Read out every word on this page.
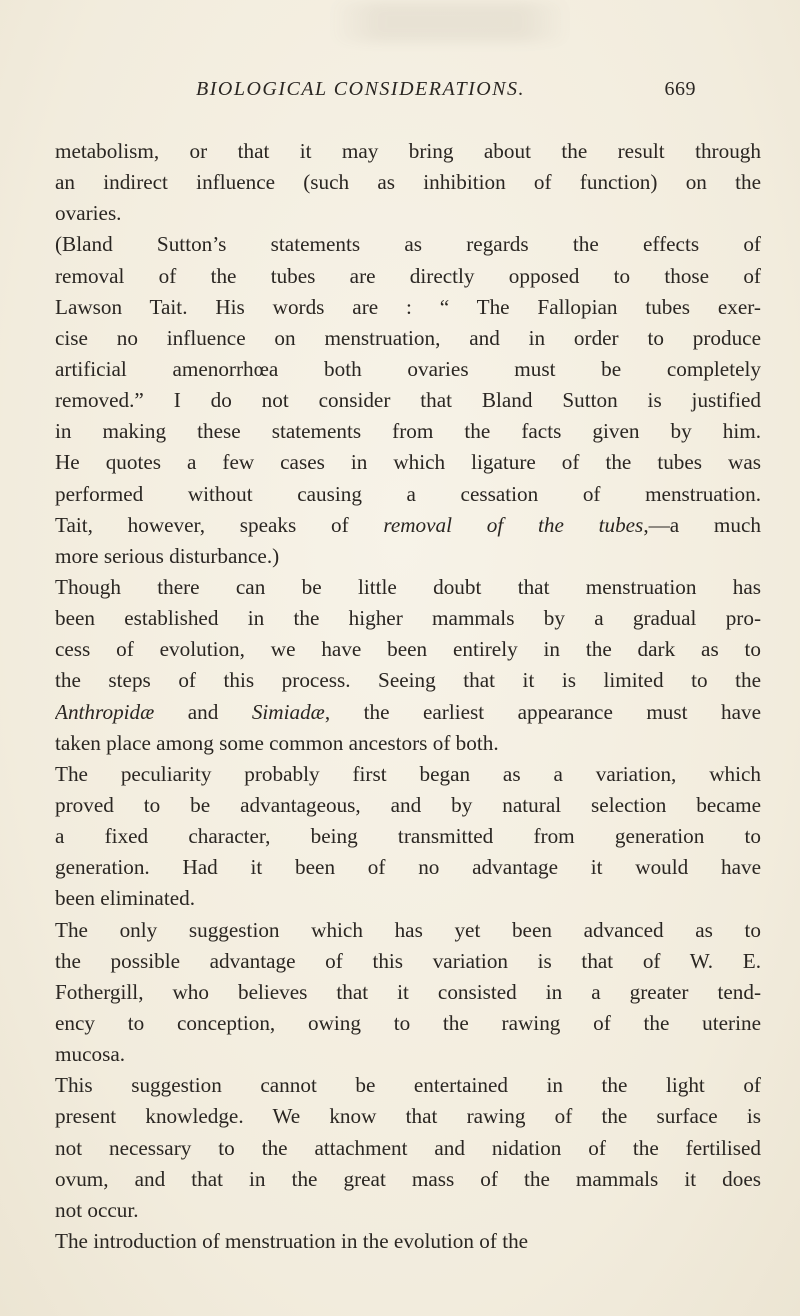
BIOLOGICAL CONSIDERATIONS.	669

metabolism, or that it may bring about the result through
an indirect influence (such as inhibition of function) on the
ovaries.

(Bland Sutton’s statements as regards the effects of
removal of the tubes are directly opposed to those of
Lawson Tait. His words are : “ The Fallopian tubes exer-
cise no influence on menstruation, and in order to produce
artificial amenorrhœa both ovaries must be completely
removed.” I do not consider that Bland Sutton is justified
in making these statements from the facts given by him.
He quotes a few cases in which ligature of the tubes was
performed without causing a cessation of menstruation.
Tait, however, speaks of removal of the tubes,—a much
more serious disturbance.)

Though there can be little doubt that menstruation has
been established in the higher mammals by a gradual pro-
cess of evolution, we have been entirely in the dark as to
the steps of this process. Seeing that it is limited to the
Anthropidæ and Simiadæ, the earliest appearance must have
taken place among some common ancestors of both.

The peculiarity probably first began as a variation, which
proved to be advantageous, and by natural selection became
a fixed character, being transmitted from generation to
generation. Had it been of no advantage it would have
been eliminated.

The only suggestion which has yet been advanced as to
the possible advantage of this variation is that of W. E.
Fothergill, who believes that it consisted in a greater tend-
ency to conception, owing to the rawing of the uterine
mucosa.

This suggestion cannot be entertained in the light of
present knowledge. We know that rawing of the surface is
not necessary to the attachment and nidation of the fertilised
ovum, and that in the great mass of the mammals it does
not occur.

The introduction of menstruation in the evolution of the
